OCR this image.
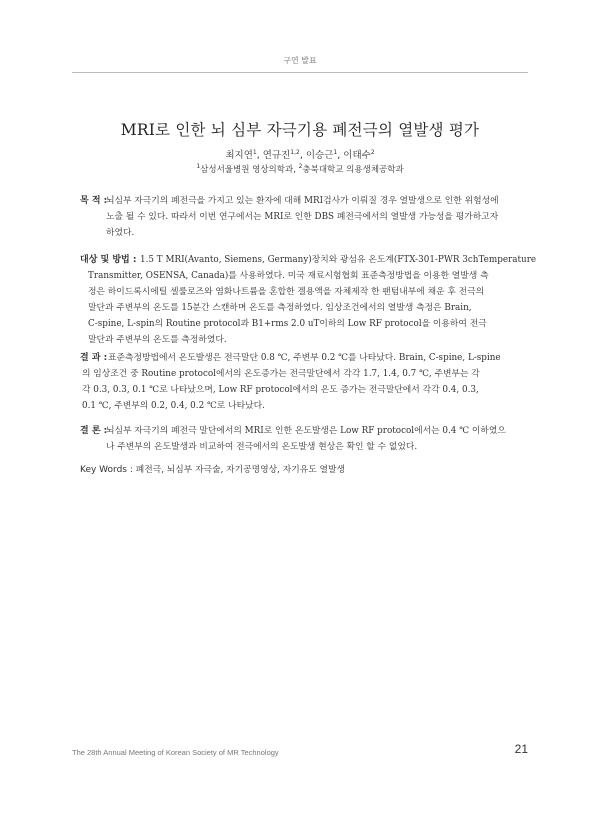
구연 발표
MRI로 인한 뇌 심부 자극기용 폐전극의 열발생 평가
최지연$^1$, 연규진$^{1,2}$, 이승근$^1$, 이태수$^2$
$^1$삼성서울병원 영상의학과, $^2$충북대학교 의용생체공학과
목 적 :
뇌심부 자극기의 폐전극을 가지고 있는 환자에 대해 MRI검사가 이뤄질 경우 열발생으로 인한 위험성에
노출 될 수 있다. 따라서 이번 연구에서는 MRI로 인한 DBS 폐전극에서의 열발생 가능성을 평가하고자
하였다.
대상 및 방법 : 1.5 T MRI(Avanto, Siemens, Germany)장치와 광섬유 온도계(FTX-301-PWR 3chTemperature
Transmitter, OSENSA, Canada)를 사용하였다. 미국 재료시험협회 표준측정방법을 이용한 열발생 측
정은 하이드록시에틸 셀룰로즈와 염화나트륨을 혼합한 겔용액을 자체제작 한 팬텀내부에 채운 후 전극의
말단과 주변부의 온도를 15분간 스캔하며 온도를 측정하였다. 임상조건에서의 열발생 측정은 Brain,
C-spine, L-spin의 Routine protocol과 B1+rms 2.0 uT이하의 Low RF protocol을 이용하여 전극
말단과 주변부의 온도를 측정하였다.
결 과 : 표준측정방법에서 온도발생은 전극말단 0.8 ℃, 주변부 0.2 ℃를 나타났다. Brain, C-spine, L-spine
의 임상조건 중 Routine protocol에서의 온도증가는 전극말단에서 각각 1.7, 1.4, 0.7 ℃, 주변부는 각
각 0.3, 0.3, 0.1 ℃로 나타났으며, Low RF protocol에서의 온도 증가는 전극말단에서 각각 0.4, 0.3,
0.1 ℃, 주변부의 0.2, 0.4, 0.2 ℃로 나타났다.
결 론 :
뇌심부 자극기의 폐전극 말단에서의 MRI로 인한 온도발생은 Low RF protocol에서는 0.4 ℃ 이하였으
나 주변부의 온도발생과 비교하여 전극에서의 온도발생 현상은 확인 할 수 없었다.
Key Words : 폐전극, 뇌심부 자극술, 자기공명영상, 자기유도 열발생
The 28th Annual Meeting of Korean Society of MR Technology	21
